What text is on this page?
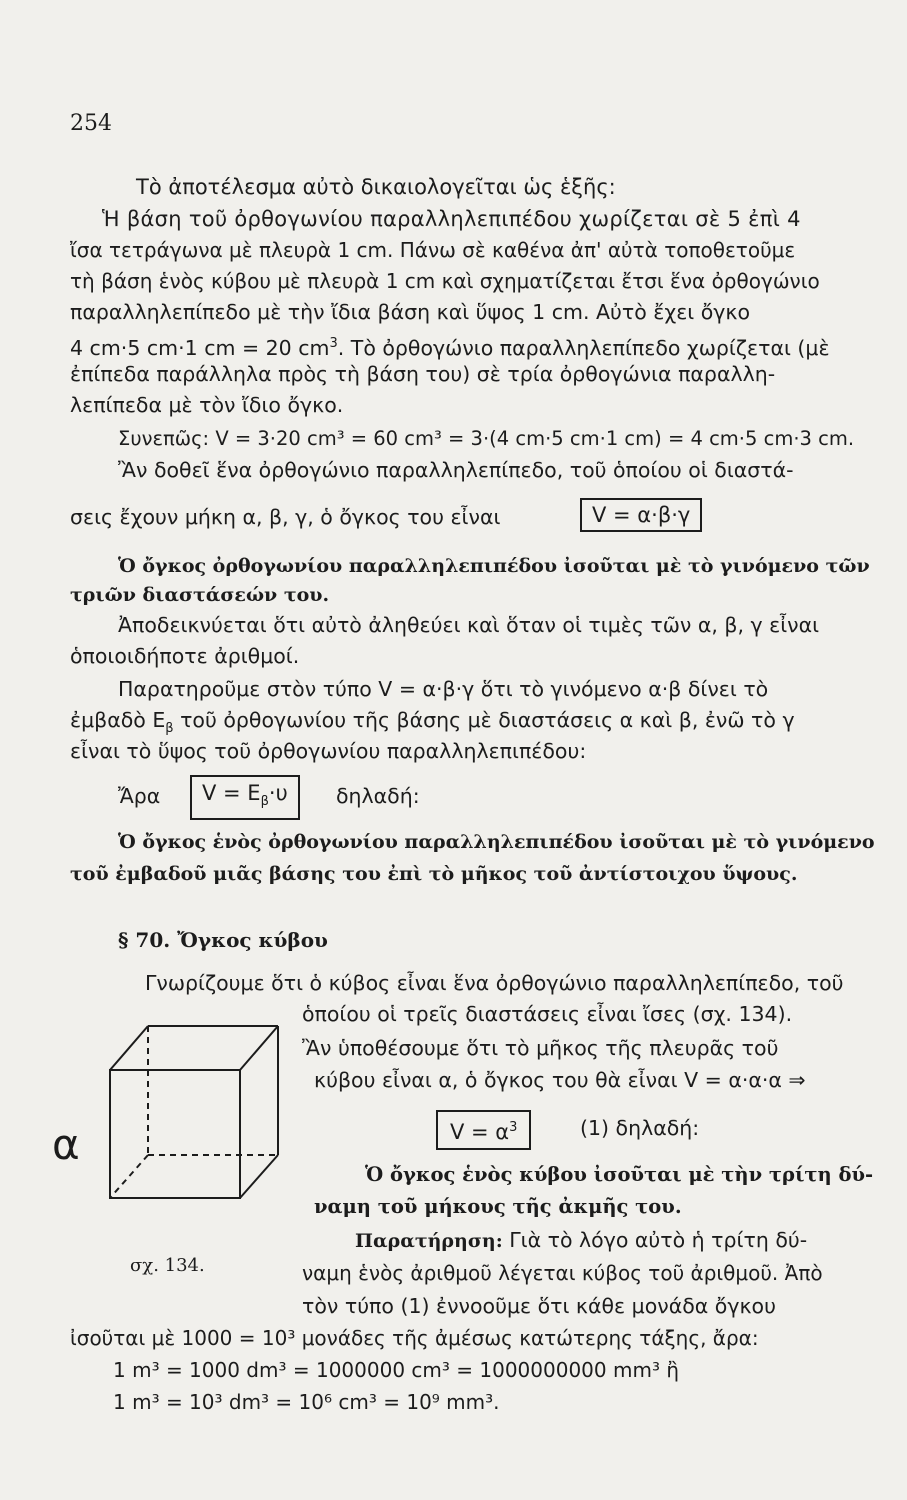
254
Τὸ ἀποτέλεσμα αὐτὸ δικαιολογεῖται ὡς ἑξῆς:
Ἡ βάση τοῦ ὀρθογωνίου παραλληλεπιπέδου χωρίζεται σὲ 5 ἐπὶ 4
ἴσα τετράγωνα μὲ πλευρὰ 1 cm. Πάνω σὲ καθένα ἀπ' αὐτὰ τοποθετοῦμε
τὴ βάση ἑνὸς κύβου μὲ πλευρὰ 1 cm καὶ σχηματίζεται ἔτσι ἕνα ὀρθογώνιο
παραλληλεπίπεδο μὲ τὴν ἴδια βάση καὶ ὕψος 1 cm. Αὐτὸ ἔχει ὄγκο
4 cm·5 cm·1 cm = 20 $cm^3$. Τὸ ὀρθογώνιο παραλληλεπίπεδο χωρίζεται (μὲ
ἐπίπεδα παράλληλα πρὸς τὴ βάση του) σὲ τρία ὀρθογώνια παραλλη-
λεπίπεδα μὲ τὸν ἴδιο ὄγκο.
Συνεπῶς: V = 3·20 cm³ = 60 cm³ = 3·(4 cm·5 cm·1 cm) = 4 cm·5 cm·3 cm.
Ἂν δοθεῖ ἕνα ὀρθογώνιο παραλληλεπίπεδο, τοῦ ὁποίου οἱ διαστά-
σεις ἔχουν μήκη α, β, γ, ὁ ὄγκος του εἶναι	V = α·β·γ
Ὁ ὄγκος ὀρθογωνίου παραλληλεπιπέδου ἰσοῦται μὲ τὸ γινόμενο τῶν
τριῶν διαστάσεών του.
Ἀποδεικνύεται ὅτι αὐτὸ ἀληθεύει καὶ ὅταν οἱ τιμὲς τῶν α, β, γ εἶναι
ὁποιοιδήποτε ἀριθμοί.
Παρατηροῦμε στὸν τύπο V = α·β·γ ὅτι τὸ γινόμενο α·β δίνει τὸ
ἐμβαδὸ $E_\beta$ τοῦ ὀρθογωνίου τῆς βάσης μὲ διαστάσεις α καὶ β, ἐνῶ τὸ γ
εἶναι τὸ ὕψος τοῦ ὀρθογωνίου παραλληλεπιπέδου:
Ἄρα	$V = E_\beta\cdot\upsilon$	δηλαδή:
Ὁ ὄγκος ἑνὸς ὀρθογωνίου παραλληλεπιπέδου ἰσοῦται μὲ τὸ γινόμενο
τοῦ ἐμβαδοῦ μιᾶς βάσης του ἐπὶ τὸ μῆκος τοῦ ἀντίστοιχου ὕψους.
§ 70. Ὄγκος κύβου
Γνωρίζουμε ὅτι ὁ κύβος εἶναι ἕνα ὀρθογώνιο παραλληλεπίπεδο, τοῦ
ὁποίου οἱ τρεῖς διαστάσεις εἶναι ἴσες (σχ. 134).
Ἂν ὑποθέσουμε ὅτι τὸ μῆκος τῆς πλευρᾶς τοῦ
κύβου εἶναι α, ὁ ὄγκος του θὰ εἶναι V = α·α·α ⇒
$V = \alpha^3$	(1) δηλαδή:
Ὁ ὄγκος ἑνὸς κύβου ἰσοῦται μὲ τὴν τρίτη δύ-
ναμη τοῦ μήκους τῆς ἀκμῆς του.
Παρατήρηση: Γιὰ τὸ λόγο αὐτὸ ἡ τρίτη δύ-
ναμη ἑνὸς ἀριθμοῦ λέγεται κύβος τοῦ ἀριθμοῦ. Ἀπὸ
τὸν τύπο (1) ἐννοοῦμε ὅτι κάθε μονάδα ὄγκου
ἰσοῦται μὲ 1000 = 10³ μονάδες τῆς ἀμέσως κατώτερης τάξης, ἄρα:
1 m³ = 1000 dm³ = 1000000 cm³ = 1000000000 mm³ ἢ
1 m³ = 10³ dm³ = 10⁶ cm³ = 10⁹ mm³.
α
σχ. 134.
